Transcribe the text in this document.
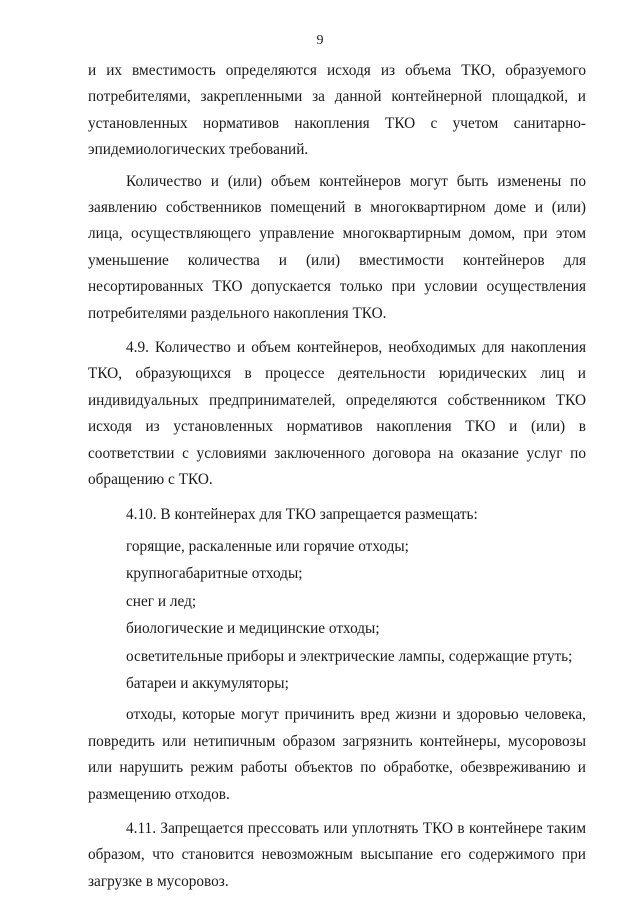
9

и их вместимость определяются исходя из объема ТКО, образуемого потребителями, закрепленными за данной контейнерной площадкой, и установленных нормативов накопления ТКО с учетом санитарно-эпидемиологических требований.

Количество и (или) объем контейнеров могут быть изменены по заявлению собственников помещений в многоквартирном доме и (или) лица, осуществляющего управление многоквартирным домом, при этом уменьшение количества и (или) вместимости контейнеров для несортированных ТКО допускается только при условии осуществления потребителями раздельного накопления ТКО.

4.9. Количество и объем контейнеров, необходимых для накопления ТКО, образующихся в процессе деятельности юридических лиц и индивидуальных предпринимателей, определяются собственником ТКО исходя из установленных нормативов накопления ТКО и (или) в соответствии с условиями заключенного договора на оказание услуг по обращению с ТКО.

4.10. В контейнерах для ТКО запрещается размещать:

горящие, раскаленные или горячие отходы;
крупногабаритные отходы;
снег и лед;
биологические и медицинские отходы;
осветительные приборы и электрические лампы, содержащие ртуть;
батареи и аккумуляторы;

отходы, которые могут причинить вред жизни и здоровью человека, повредить или нетипичным образом загрязнить контейнеры, мусоровозы или нарушить режим работы объектов по обработке, обезвреживанию и размещению отходов.

4.11. Запрещается прессовать или уплотнять ТКО в контейнере таким образом, что становится невозможным высыпание его содержимого при загрузке в мусоровоз.
